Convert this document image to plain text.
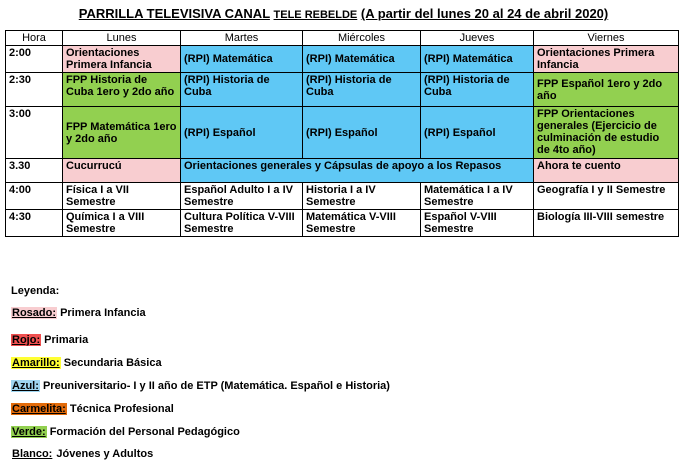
PARRILLA TELEVISIVA CANAL TELE REBELDE (A partir del lunes 20 al 24 de abril 2020)
Hora	Lunes	Martes	Miércoles	Jueves	Viernes
2:00	Orientaciones Primera Infancia	(RPI) Matemática	(RPI) Matemática	(RPI) Matemática	Orientaciones Primera Infancia
2:30	FPP Historia de Cuba 1ero y 2do año	(RPI) Historia de Cuba	(RPI) Historia de Cuba	(RPI) Historia de Cuba	FPP Español 1ero y 2do año
3:00	FPP Matemática 1ero y 2do año	(RPI) Español	(RPI) Español	(RPI) Español	FPP Orientaciones generales (Ejercicio de culminación de estudio de 4to año)
3.30	Cucurrucú	Orientaciones generales y Cápsulas de apoyo a los Repasos			Ahora te cuento
4:00	Física I a VII Semestre	Español Adulto I a IV Semestre	Historia I a IV Semestre	Matemática I a IV Semestre	Geografía I y II Semestre
4:30	Química I a VIII Semestre	Cultura Política V-VIII Semestre	Matemática V-VIII Semestre	Español V-VIII Semestre	Biología III-VIII semestre
Leyenda:
Rosado: Primera Infancia
Rojo: Primaria
Amarillo: Secundaria Básica
Azul: Preuniversitario- I y II año de ETP (Matemática. Español e Historia)
Carmelita: Técnica Profesional
Verde: Formación del Personal Pedagógico
Blanco: Jóvenes y Adultos
